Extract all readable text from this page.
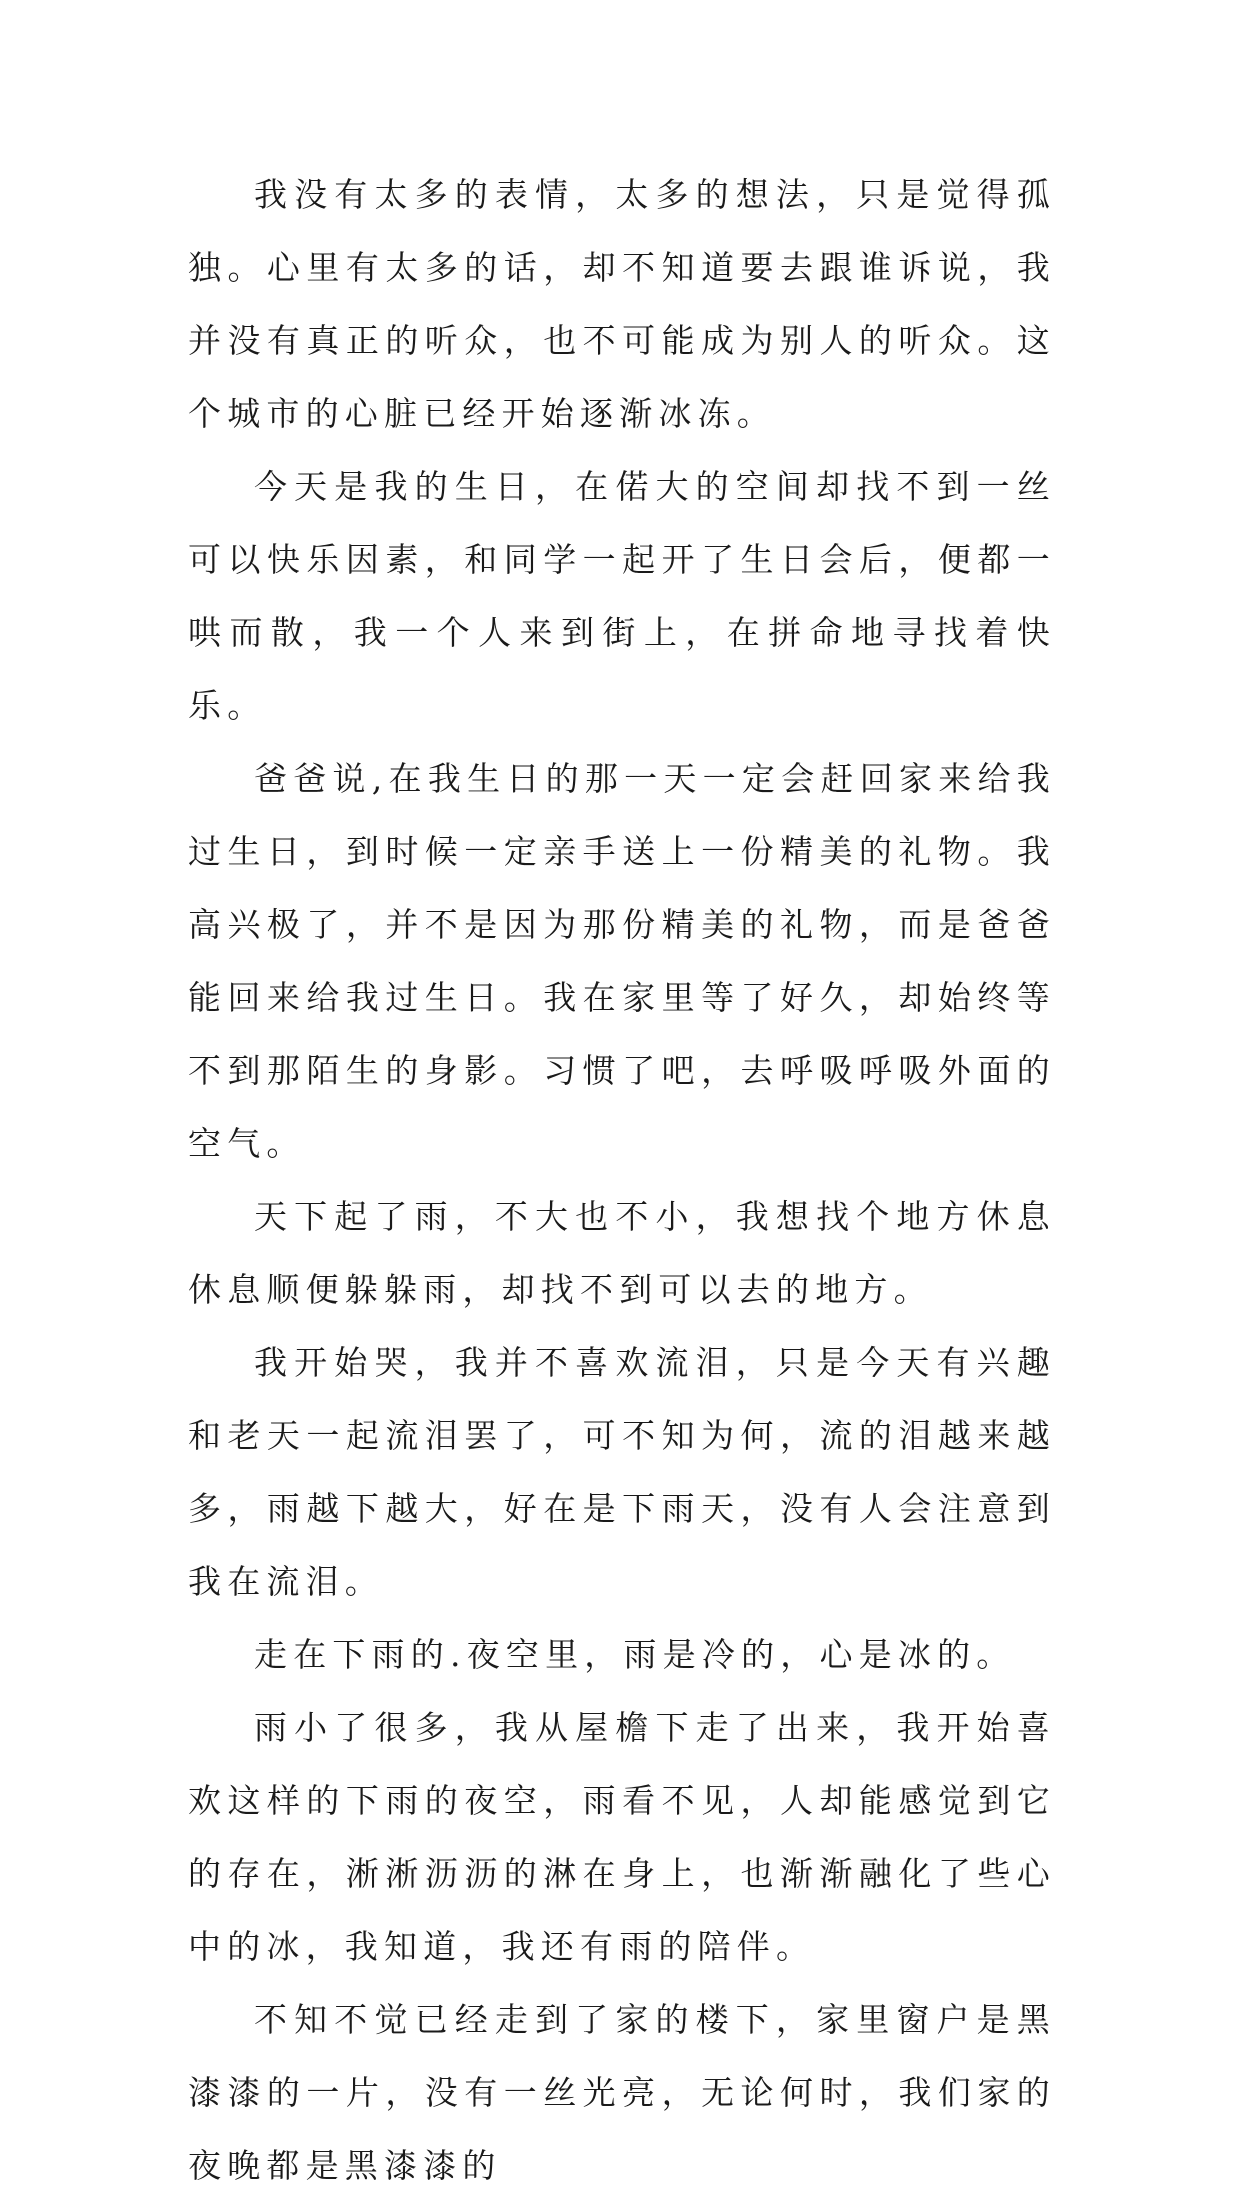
我没有太多的表情，太多的想法，只是觉得孤独。心里有太多的话，却不知道要去跟谁诉说，我并没有真正的听众，也不可能成为别人的听众。这个城市的心脏已经开始逐渐冰冻。

今天是我的生日，在偌大的空间却找不到一丝可以快乐因素，和同学一起开了生日会后，便都一哄而散，我一个人来到街上，在拼命地寻找着快乐。

爸爸说,在我生日的那一天一定会赶回家来给我过生日，到时候一定亲手送上一份精美的礼物。我高兴极了，并不是因为那份精美的礼物，而是爸爸能回来给我过生日。我在家里等了好久，却始终等不到那陌生的身影。习惯了吧，去呼吸呼吸外面的空气。

天下起了雨，不大也不小，我想找个地方休息休息顺便躲躲雨，却找不到可以去的地方。

我开始哭，我并不喜欢流泪，只是今天有兴趣和老天一起流泪罢了，可不知为何，流的泪越来越多，雨越下越大，好在是下雨天，没有人会注意到我在流泪。

走在下雨的.夜空里，雨是冷的，心是冰的。

雨小了很多，我从屋檐下走了出来，我开始喜欢这样的下雨的夜空，雨看不见，人却能感觉到它的存在，淅淅沥沥的淋在身上，也渐渐融化了些心中的冰，我知道，我还有雨的陪伴。

不知不觉已经走到了家的楼下，家里窗户是黑漆漆的一片，没有一丝光亮，无论何时，我们家的夜晚都是黑漆漆的
